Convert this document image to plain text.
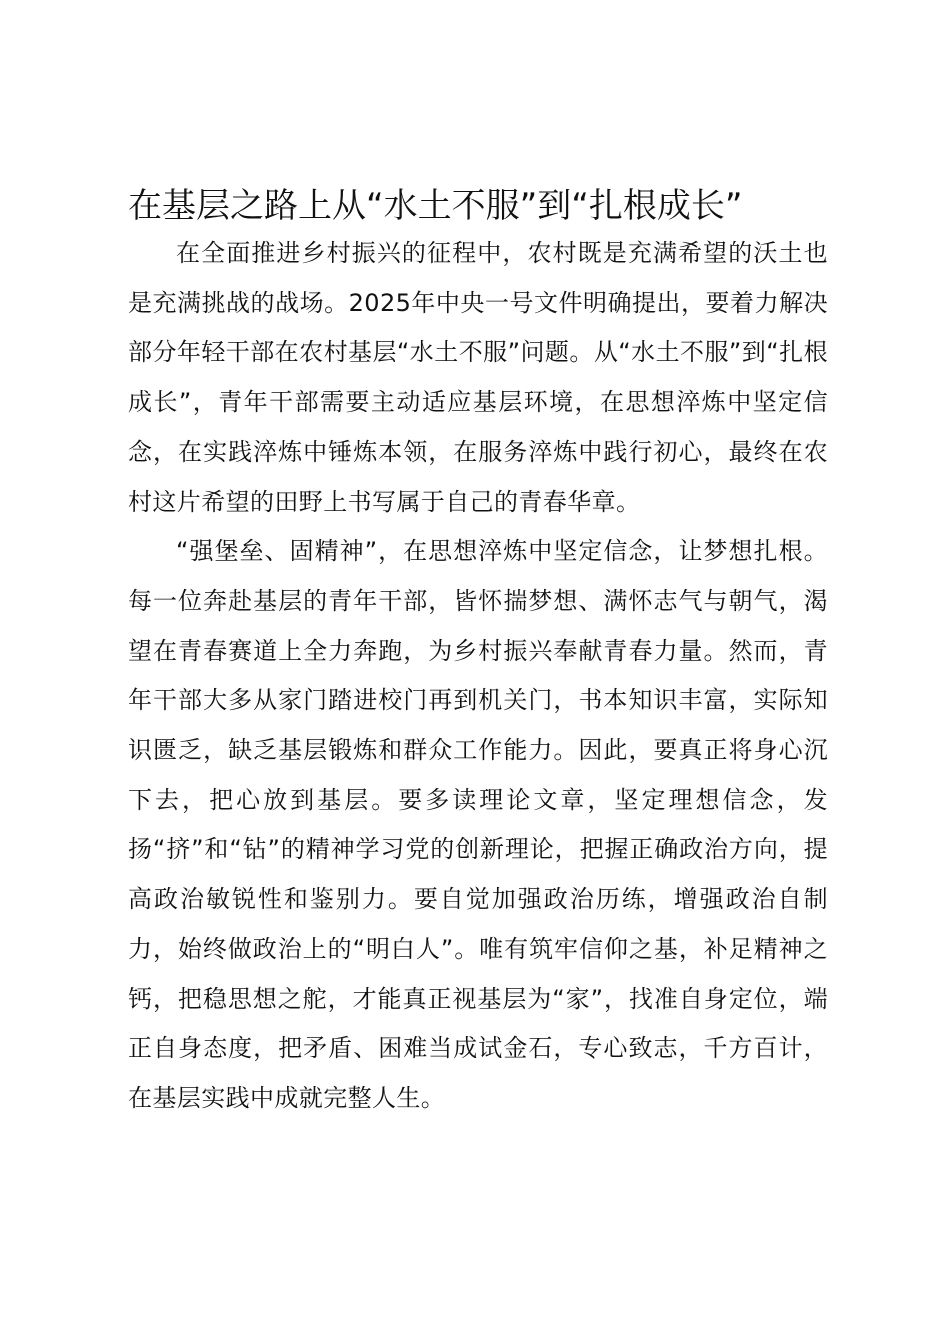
在基层之路上从“水土不服”到“扎根成长”

在全面推进乡村振兴的征程中，农村既是充满希望的沃土也是充满挑战的战场。2025年中央一号文件明确提出，要着力解决部分年轻干部在农村基层“水土不服”问题。从“水土不服”到“扎根成长”，青年干部需要主动适应基层环境，在思想淬炼中坚定信念，在实践淬炼中锤炼本领，在服务淬炼中践行初心，最终在农村这片希望的田野上书写属于自己的青春华章。

“强堡垒、固精神”，在思想淬炼中坚定信念，让梦想扎根。每一位奔赴基层的青年干部，皆怀揣梦想、满怀志气与朝气，渴望在青春赛道上全力奔跑，为乡村振兴奉献青春力量。然而，青年干部大多从家门踏进校门再到机关门，书本知识丰富，实际知识匮乏，缺乏基层锻炼和群众工作能力。因此，要真正将身心沉下去，把心放到基层。要多读理论文章，坚定理想信念，发扬“挤”和“钻”的精神学习党的创新理论，把握正确政治方向，提高政治敏锐性和鉴别力。要自觉加强政治历练，增强政治自制力，始终做政治上的“明白人”。唯有筑牢信仰之基，补足精神之钙，把稳思想之舵，才能真正视基层为“家”，找准自身定位，端正自身态度，把矛盾、困难当成试金石，专心致志，千方百计，在基层实践中成就完整人生。
